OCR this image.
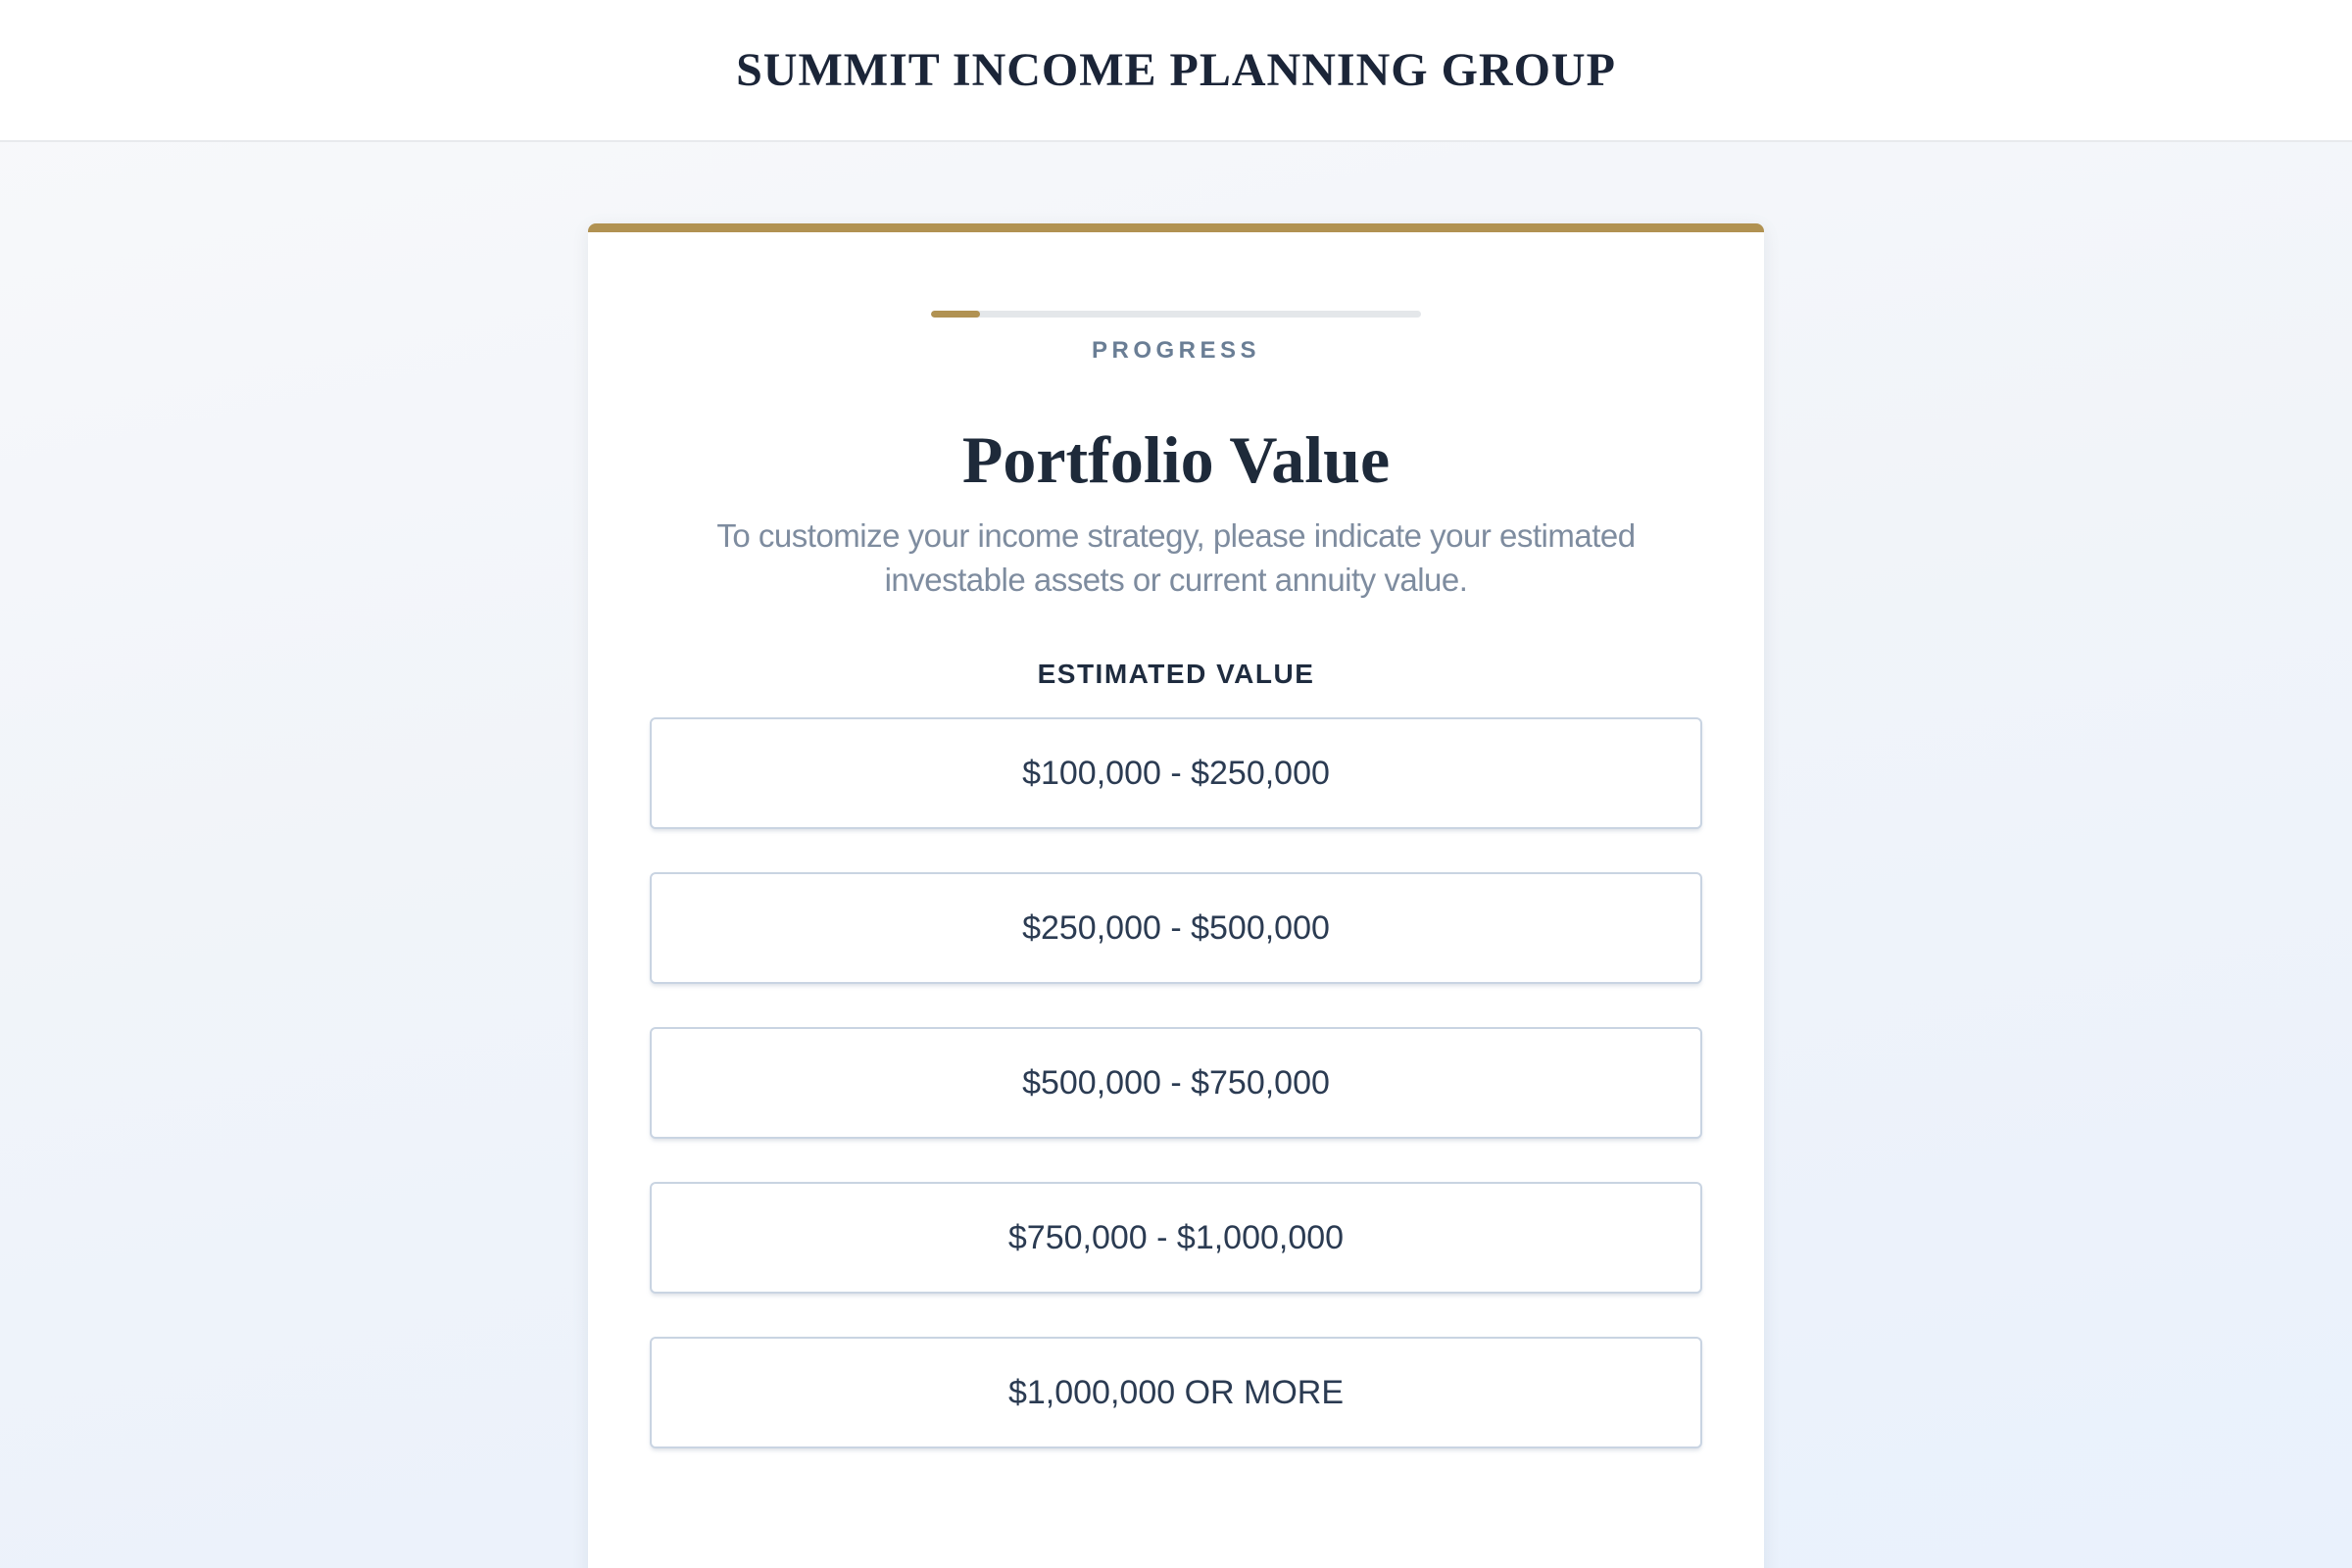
SUMMIT INCOME PLANNING GROUP
PROGRESS
Portfolio Value
To customize your income strategy, please indicate your estimated
investable assets or current annuity value.
ESTIMATED VALUE
$100,000 - $250,000
$250,000 - $500,000
$500,000 - $750,000
$750,000 - $1,000,000
$1,000,000 OR MORE
